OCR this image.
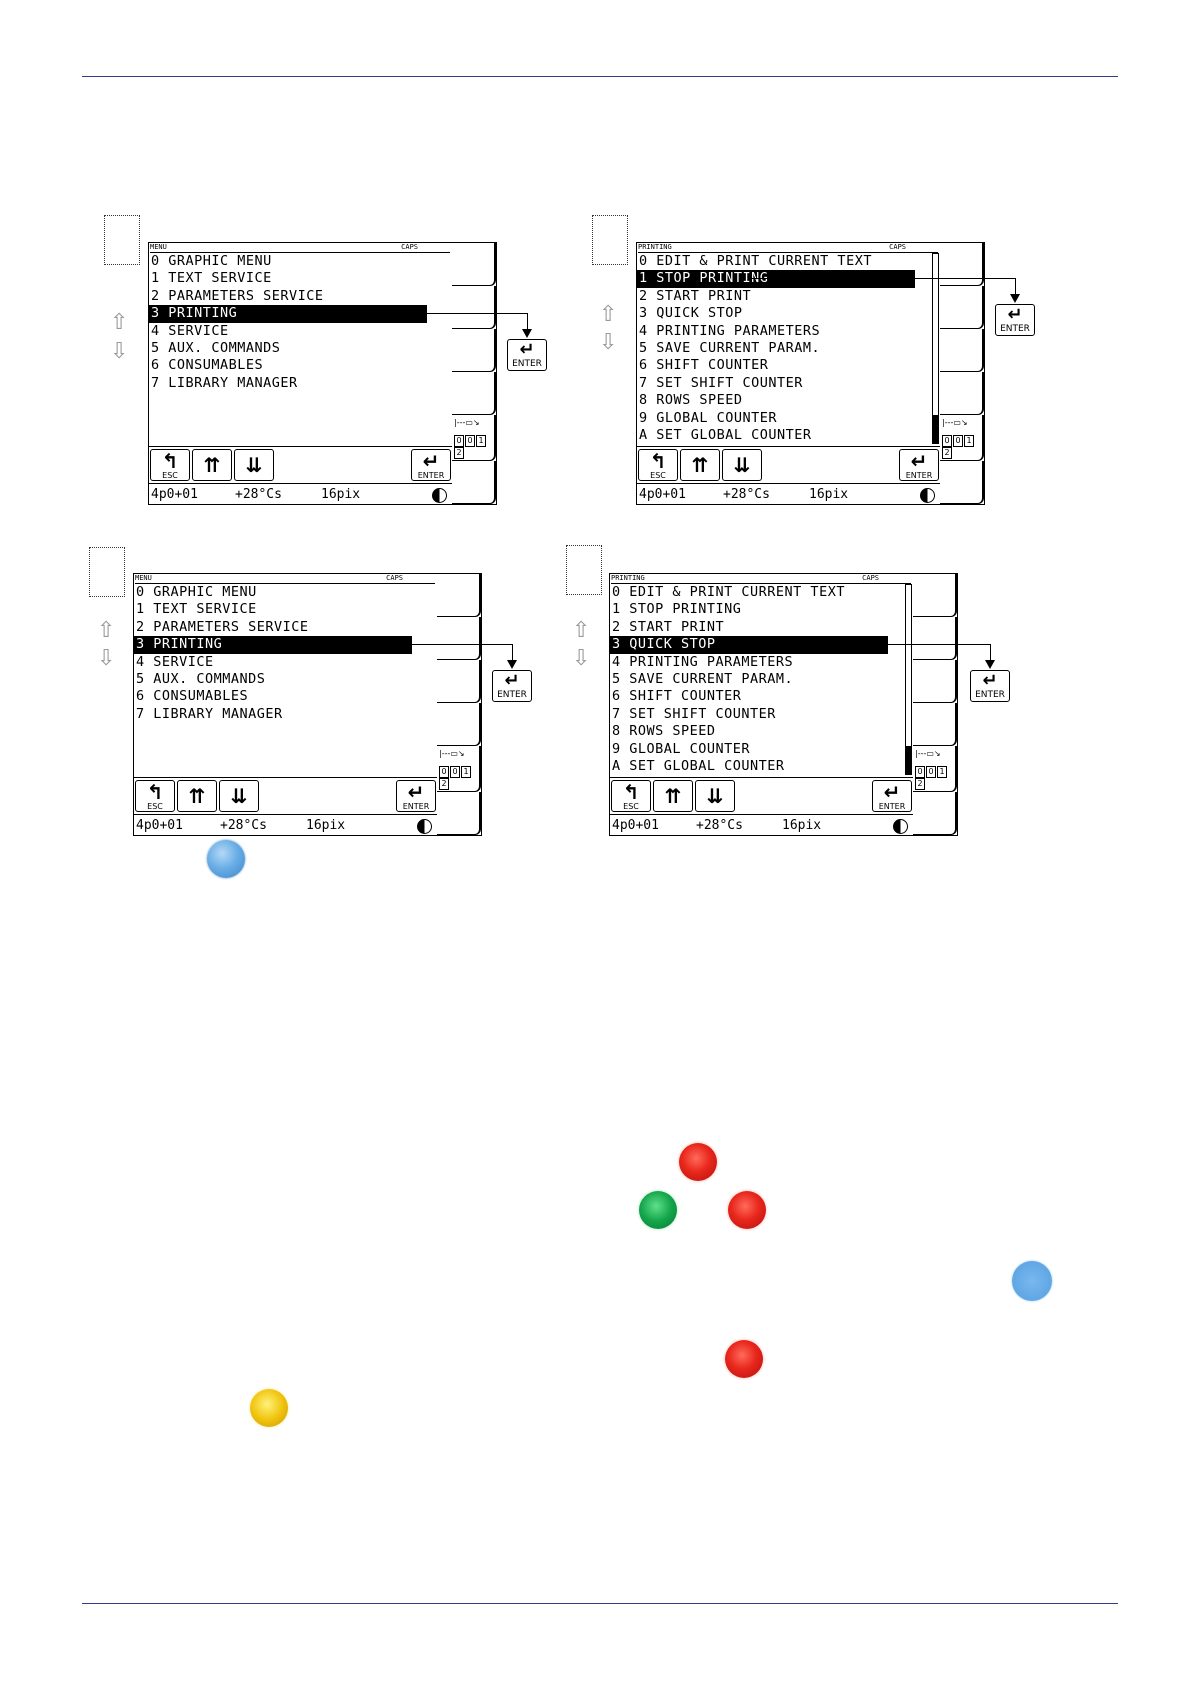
⇧
⇩
MENU	CAPS
0 GRAPHIC MENU
1 TEXT SERVICE
2 PARAMETERS SERVICE
3 PRINTING
4 SERVICE
5 AUX. COMMANDS
6 CONSUMABLES
7 LIBRARY MANAGER
↰
ESC	⇈	⇊	↵
ENTER
4p0+01	+28°Cs	16pix
|---▭↘
0 0 12
↵
ENTER
⇧
⇩
PRINTING	CAPS
0 EDIT & PRINT CURRENT TEXT
1 STOP PRINTING
2 START PRINT
3 QUICK STOP
4 PRINTING PARAMETERS
5 SAVE CURRENT PARAM.
6 SHIFT COUNTER
7 SET SHIFT COUNTER
8 ROWS SPEED
9 GLOBAL COUNTER
A SET GLOBAL COUNTER
↰
ESC	⇈	⇊	↵
ENTER
4p0+01	+28°Cs	16pix
|---▭↘
0 0 12
↵
ENTER
⇧
⇩
MENU	CAPS
0 GRAPHIC MENU
1 TEXT SERVICE
2 PARAMETERS SERVICE
3 PRINTING
4 SERVICE
5 AUX. COMMANDS
6 CONSUMABLES
7 LIBRARY MANAGER
↰
ESC	⇈	⇊	↵
ENTER
4p0+01	+28°Cs	16pix
|---▭↘
0 0 12
↵
ENTER
⇧
⇩
PRINTING	CAPS
0 EDIT & PRINT CURRENT TEXT
1 STOP PRINTING
2 START PRINT
3 QUICK STOP
4 PRINTING PARAMETERS
5 SAVE CURRENT PARAM.
6 SHIFT COUNTER
7 SET SHIFT COUNTER
8 ROWS SPEED
9 GLOBAL COUNTER
A SET GLOBAL COUNTER
↰
ESC	⇈	⇊	↵
ENTER
4p0+01	+28°Cs	16pix
|---▭↘
0 0 12
↵
ENTER
